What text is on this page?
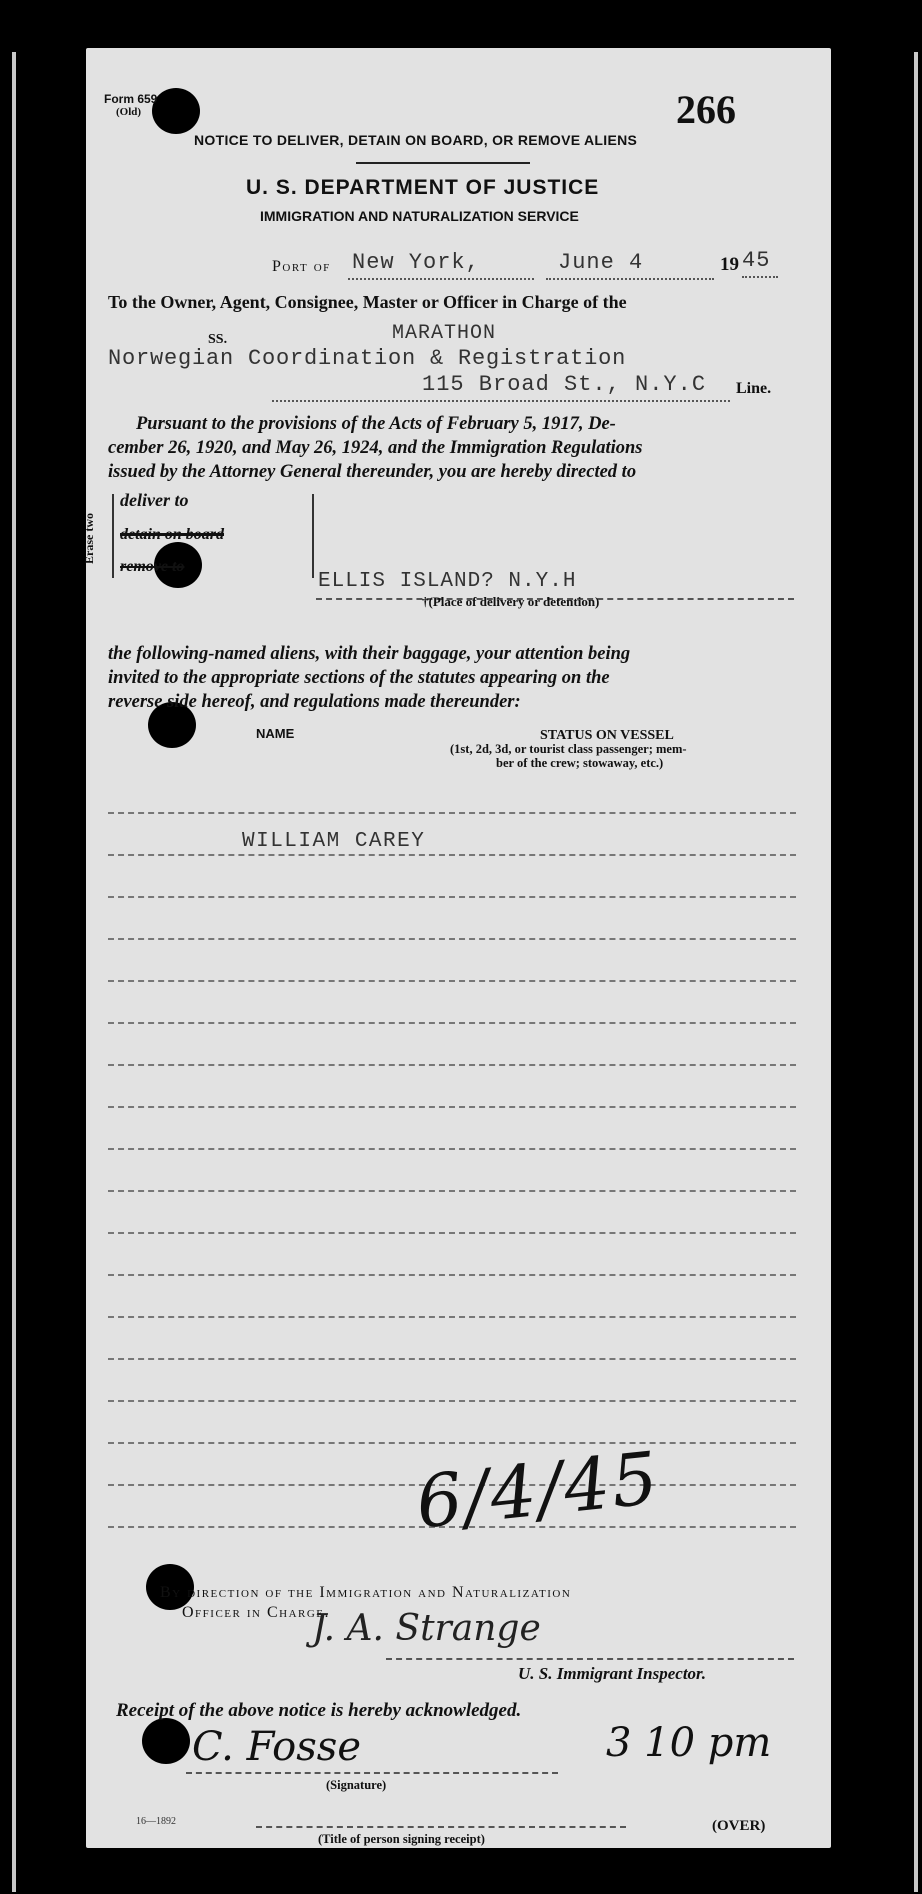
Form 659
(Old)	266
NOTICE TO DELIVER, DETAIN ON BOARD, OR REMOVE ALIENS
U. S. DEPARTMENT OF JUSTICE
IMMIGRATION AND NATURALIZATION SERVICE
Port of New York,	June 4	19 45
To the Owner, Agent, Consignee, Master or Officer in Charge of the
SS.	MARATHON
Norwegian Coordination & Registration
115 Broad St., N.Y.C	Line.
Pursuant to the provisions of the Acts of February 5, 1917, De-
cember 26, 1920, and May 26, 1924, and the Immigration Regulations
issued by the Attorney General thereunder, you are hereby directed to
Erase two
deliver to
detain on board
remove to
ELLIS ISLAND? N.Y.H
†(Place of delivery or detention)
the following-named aliens, with their baggage, your attention being
invited to the appropriate sections of the statutes appearing on the
reverse side hereof, and regulations made thereunder:
NAME	STATUS ON VESSEL
(1st, 2d, 3d, or tourist class passenger; mem-
ber of the crew; stowaway, etc.)
WILLIAM CAREY
6/4/45
By direction of the Immigration and Naturalization
Officer in Charge.
J. A. Strange
U. S. Immigrant Inspector.
Receipt of the above notice is hereby acknowledged.
C. Fosse	3 10 pm
(Signature)
(Title of person signing receipt)
16—1892	(OVER)
